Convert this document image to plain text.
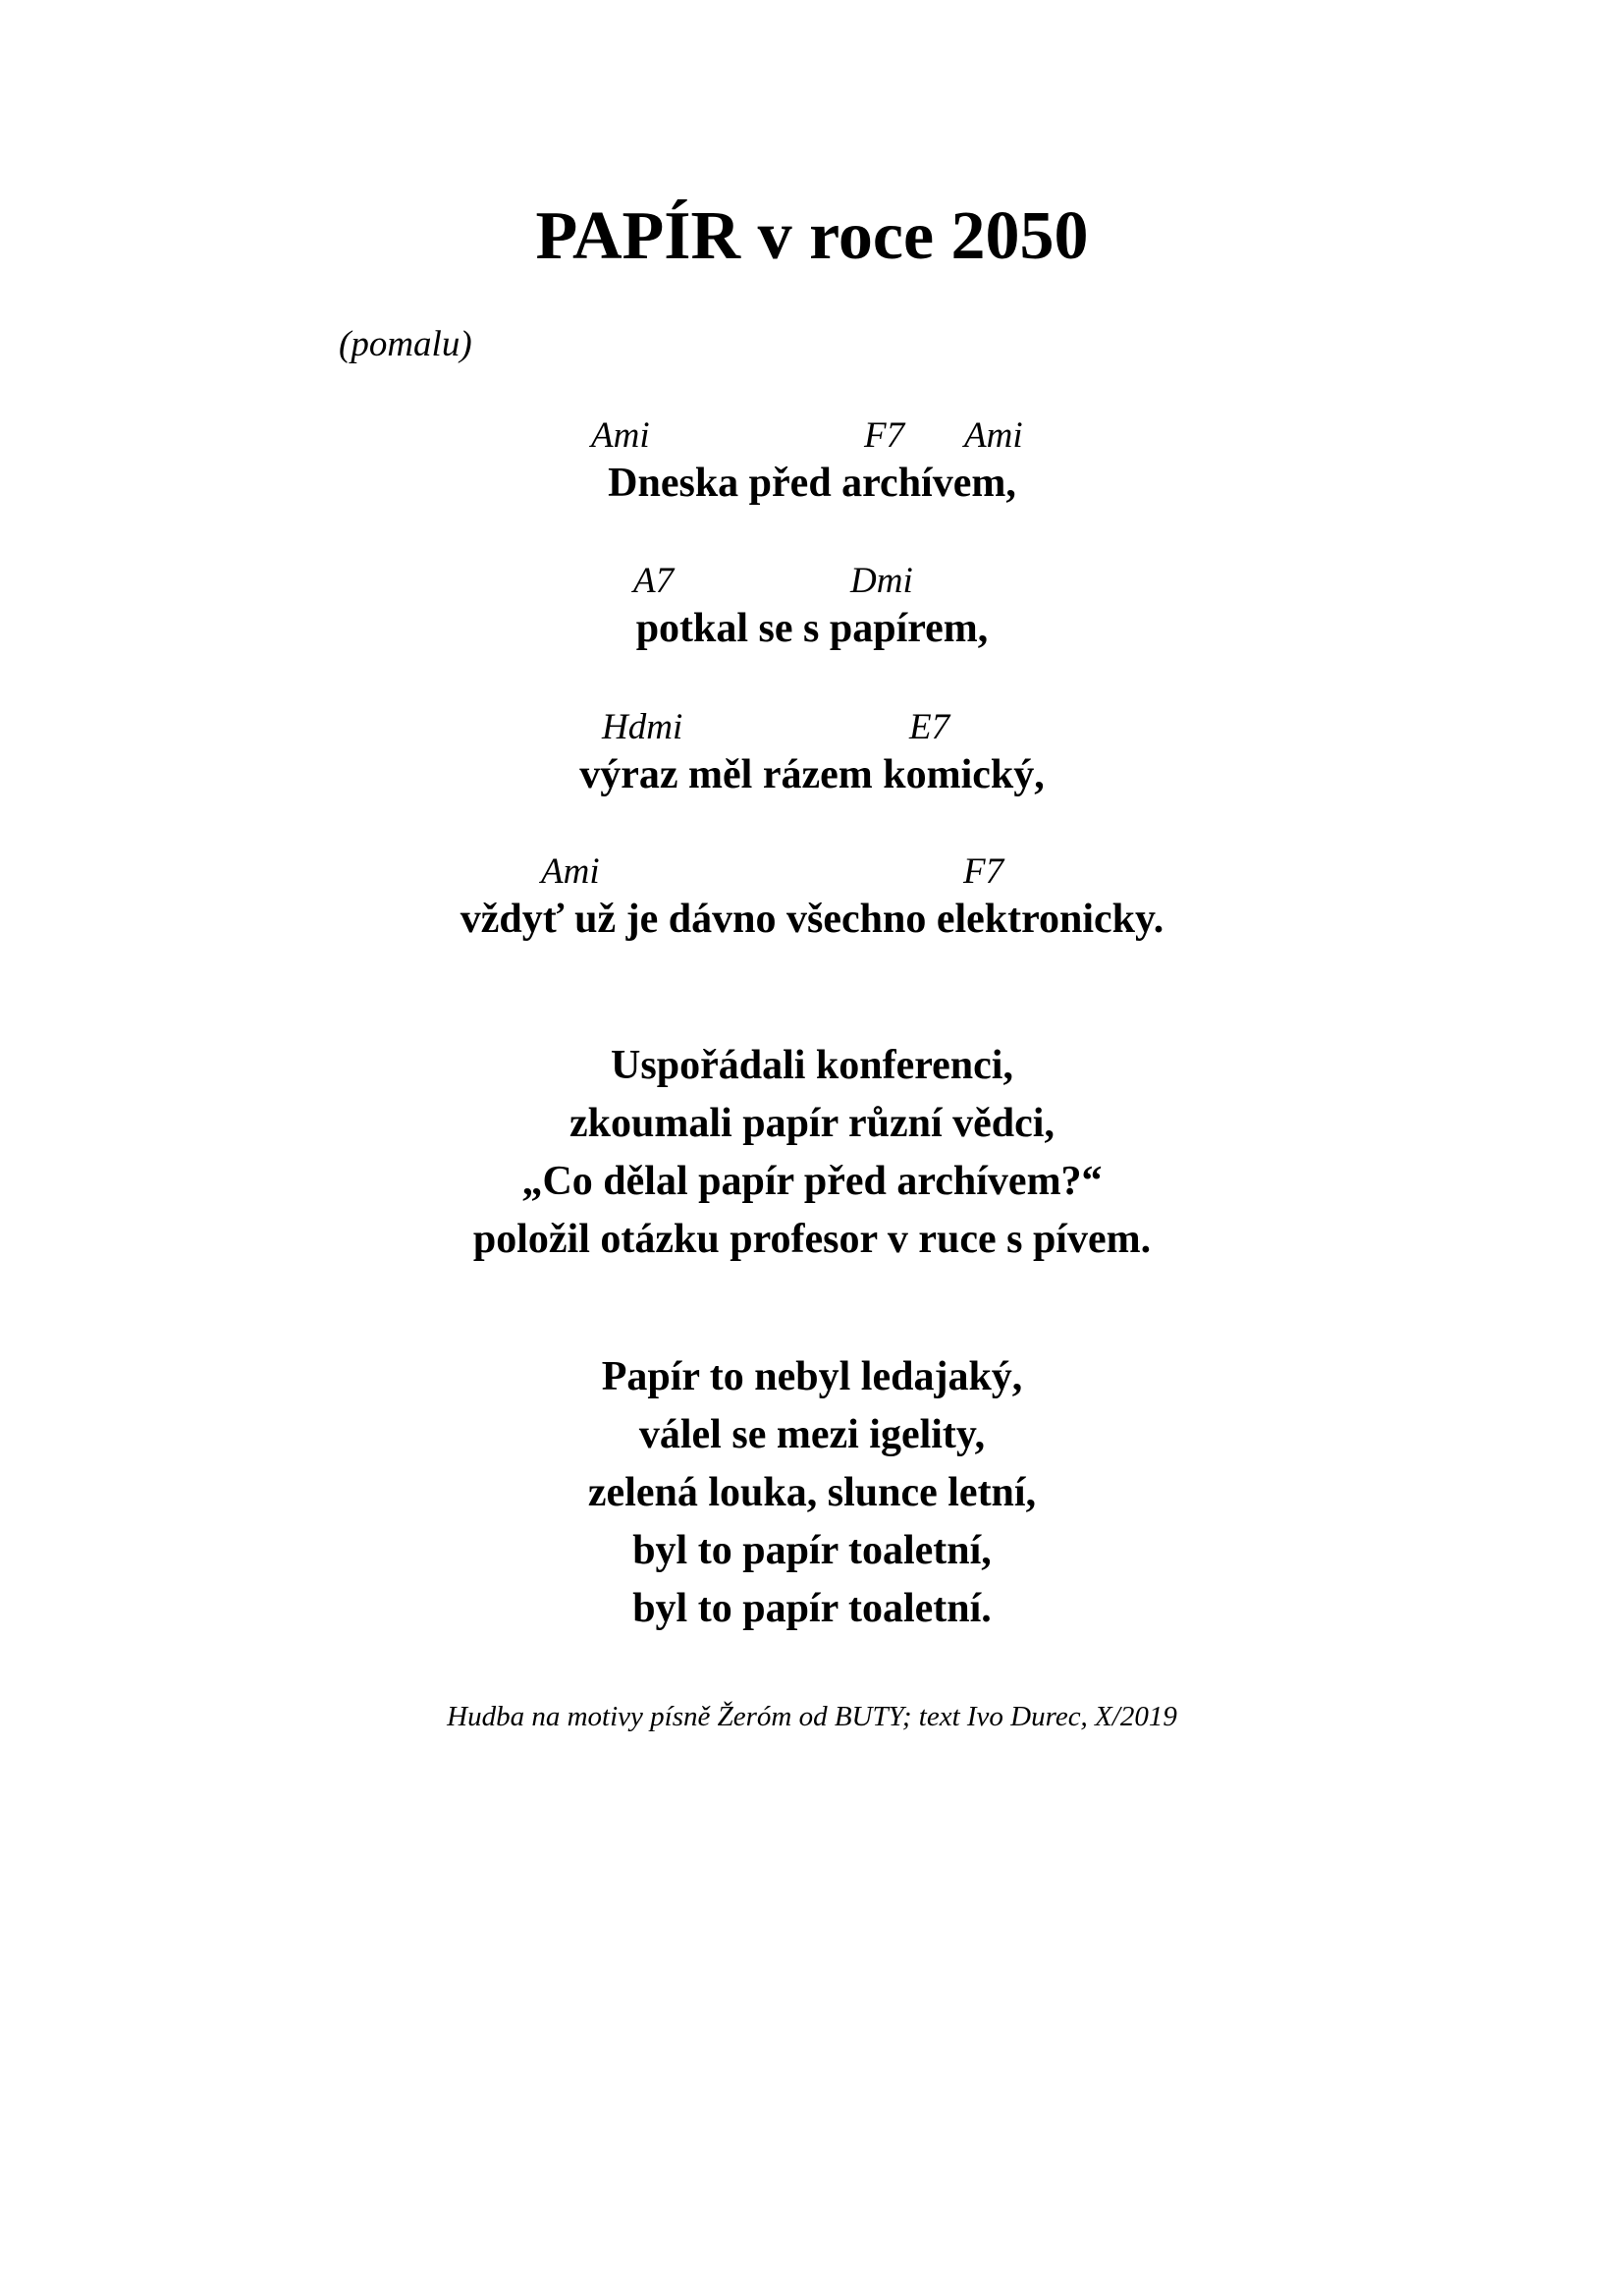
PAPÍR v roce 2050
(pomalu)
Ami	F7 Ami
Dneska před archívem,
A7	Dmi
potkal se s papírem,
Hdmi	E7
výraz měl rázem komický,
Ami	F7
vždyť už je dávno všechno elektronicky.
Uspořádali konferenci,
zkoumali papír různí vědci,
„Co dělal papír před archívem?“
položil otázku profesor v ruce s pívem.
Papír to nebyl ledajaký,
válel se mezi igelity,
zelená louka, slunce letní,
byl to papír toaletní,
byl to papír toaletní.
Hudba na motivy písně Žeróm od BUTY; text Ivo Durec, X/2019
